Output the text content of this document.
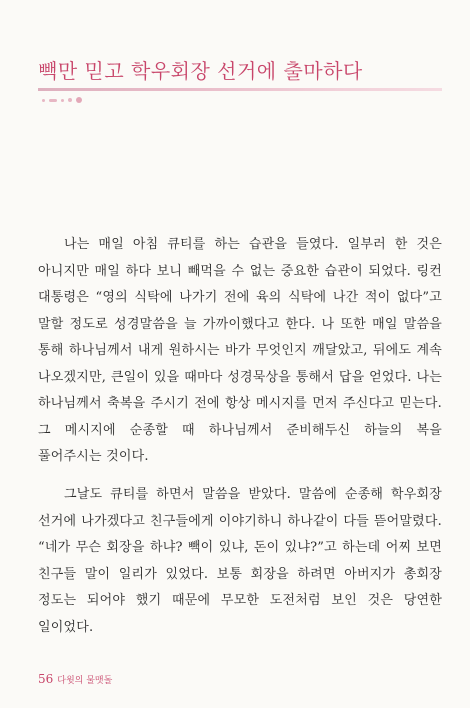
빽만 믿고 학우회장 선거에 출마하다

나는 매일 아침 큐티를 하는 습관을 들였다. 일부러 한 것은 아니지만 매일 하다 보니 빼먹을 수 없는 중요한 습관이 되었다. 링컨 대통령은 “영의 식탁에 나가기 전에 육의 식탁에 나간 적이 없다”고 말할 정도로 성경말씀을 늘 가까이했다고 한다. 나 또한 매일 말씀을 통해 하나님께서 내게 원하시는 바가 무엇인지 깨달았고, 뒤에도 계속 나오겠지만, 큰일이 있을 때마다 성경묵상을 통해서 답을 얻었다. 나는 하나님께서 축복을 주시기 전에 항상 메시지를 먼저 주신다고 믿는다. 그 메시지에 순종할 때 하나님께서 준비해두신 하늘의 복을 풀어주시는 것이다.

그날도 큐티를 하면서 말씀을 받았다. 말씀에 순종해 학우회장 선거에 나가겠다고 친구들에게 이야기하니 하나같이 다들 뜯어말렸다. “네가 무슨 회장을 하냐? 빽이 있냐, 돈이 있냐?”고 하는데 어찌 보면 친구들 말이 일리가 있었다. 보통 회장을 하려면 아버지가 총회장 정도는 되어야 했기 때문에 무모한 도전처럼 보인 것은 당연한 일이었다.

56 다윗의 물맷돌
